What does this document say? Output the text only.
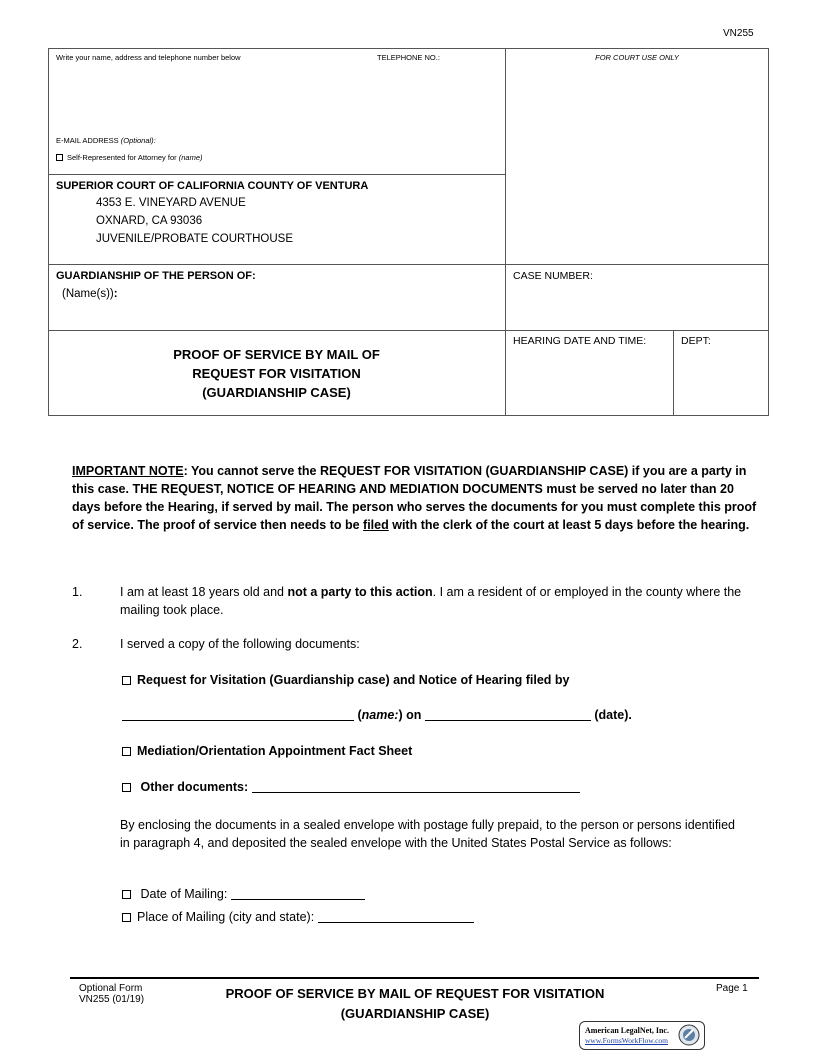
VN255
Write your name, address and telephone number below	TELEPHONE NO.:	FOR COURT USE ONLY
E-MAIL ADDRESS (Optional):
Self-Represented for Attorney for (name)
SUPERIOR COURT OF CALIFORNIA COUNTY OF VENTURA
4353 E. VINEYARD AVENUE
OXNARD, CA 93036
JUVENILE/PROBATE COURTHOUSE
GUARDIANSHIP OF THE PERSON OF:
(Name(s)):
CASE NUMBER:
HEARING DATE AND TIME:	DEPT:
PROOF OF SERVICE BY MAIL OF
REQUEST FOR VISITATION
(GUARDIANSHIP CASE)
IMPORTANT NOTE: You cannot serve the REQUEST FOR VISITATION (GUARDIANSHIP CASE) if you are a party in this case. THE REQUEST, NOTICE OF HEARING AND MEDIATION DOCUMENTS must be served no later than 20 days before the Hearing, if served by mail. The person who serves the documents for you must complete this proof of service. The proof of service then needs to be filed with the clerk of the court at least 5 days before the hearing.
1.	I am at least 18 years old and not a party to this action. I am a resident of or employed in the county where the mailing took place.
2.	I served a copy of the following documents:
Request for Visitation (Guardianship case) and Notice of Hearing filed by
(name:) on	(date).
Mediation/Orientation Appointment Fact Sheet
Other documents:
By enclosing the documents in a sealed envelope with postage fully prepaid, to the person or persons identified in paragraph 4, and deposited the sealed envelope with the United States Postal Service as follows:
Date of Mailing:
Place of Mailing (city and state):
Optional Form
VN255 (01/19)	PROOF OF SERVICE BY MAIL OF REQUEST FOR VISITATION
(GUARDIANSHIP CASE)
Page 1
American LegalNet, Inc.
www.FormsWorkFlow.com
